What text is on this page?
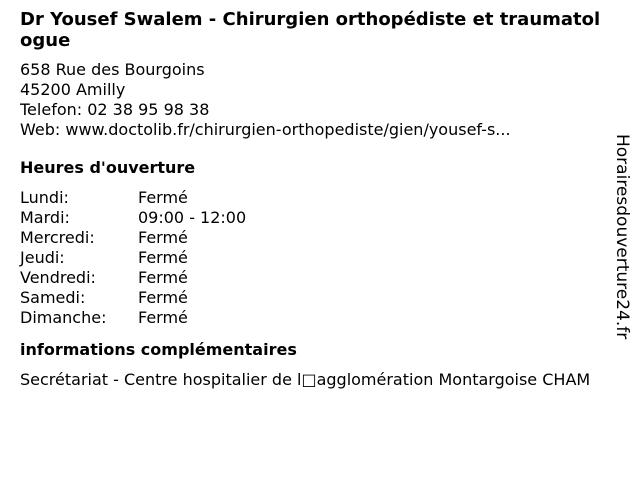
Dr Yousef Swalem - Chirurgien orthopédiste et traumatologue
658 Rue des Bourgoins
45200 Amilly
Telefon: 02 38 95 98 38
Web: www.doctolib.fr/chirurgien-orthopediste/gien/yousef-s...
Heures d'ouverture
Lundi:	Fermé
Mardi:	09:00 - 12:00
Mercredi:	Fermé
Jeudi:	Fermé
Vendredi:	Fermé
Samedi:	Fermé
Dimanche:	Fermé
informations complémentaires
Secrétariat - Centre hospitalier de l□agglomération Montargoise CHAM
Horairesdouverture24.fr
